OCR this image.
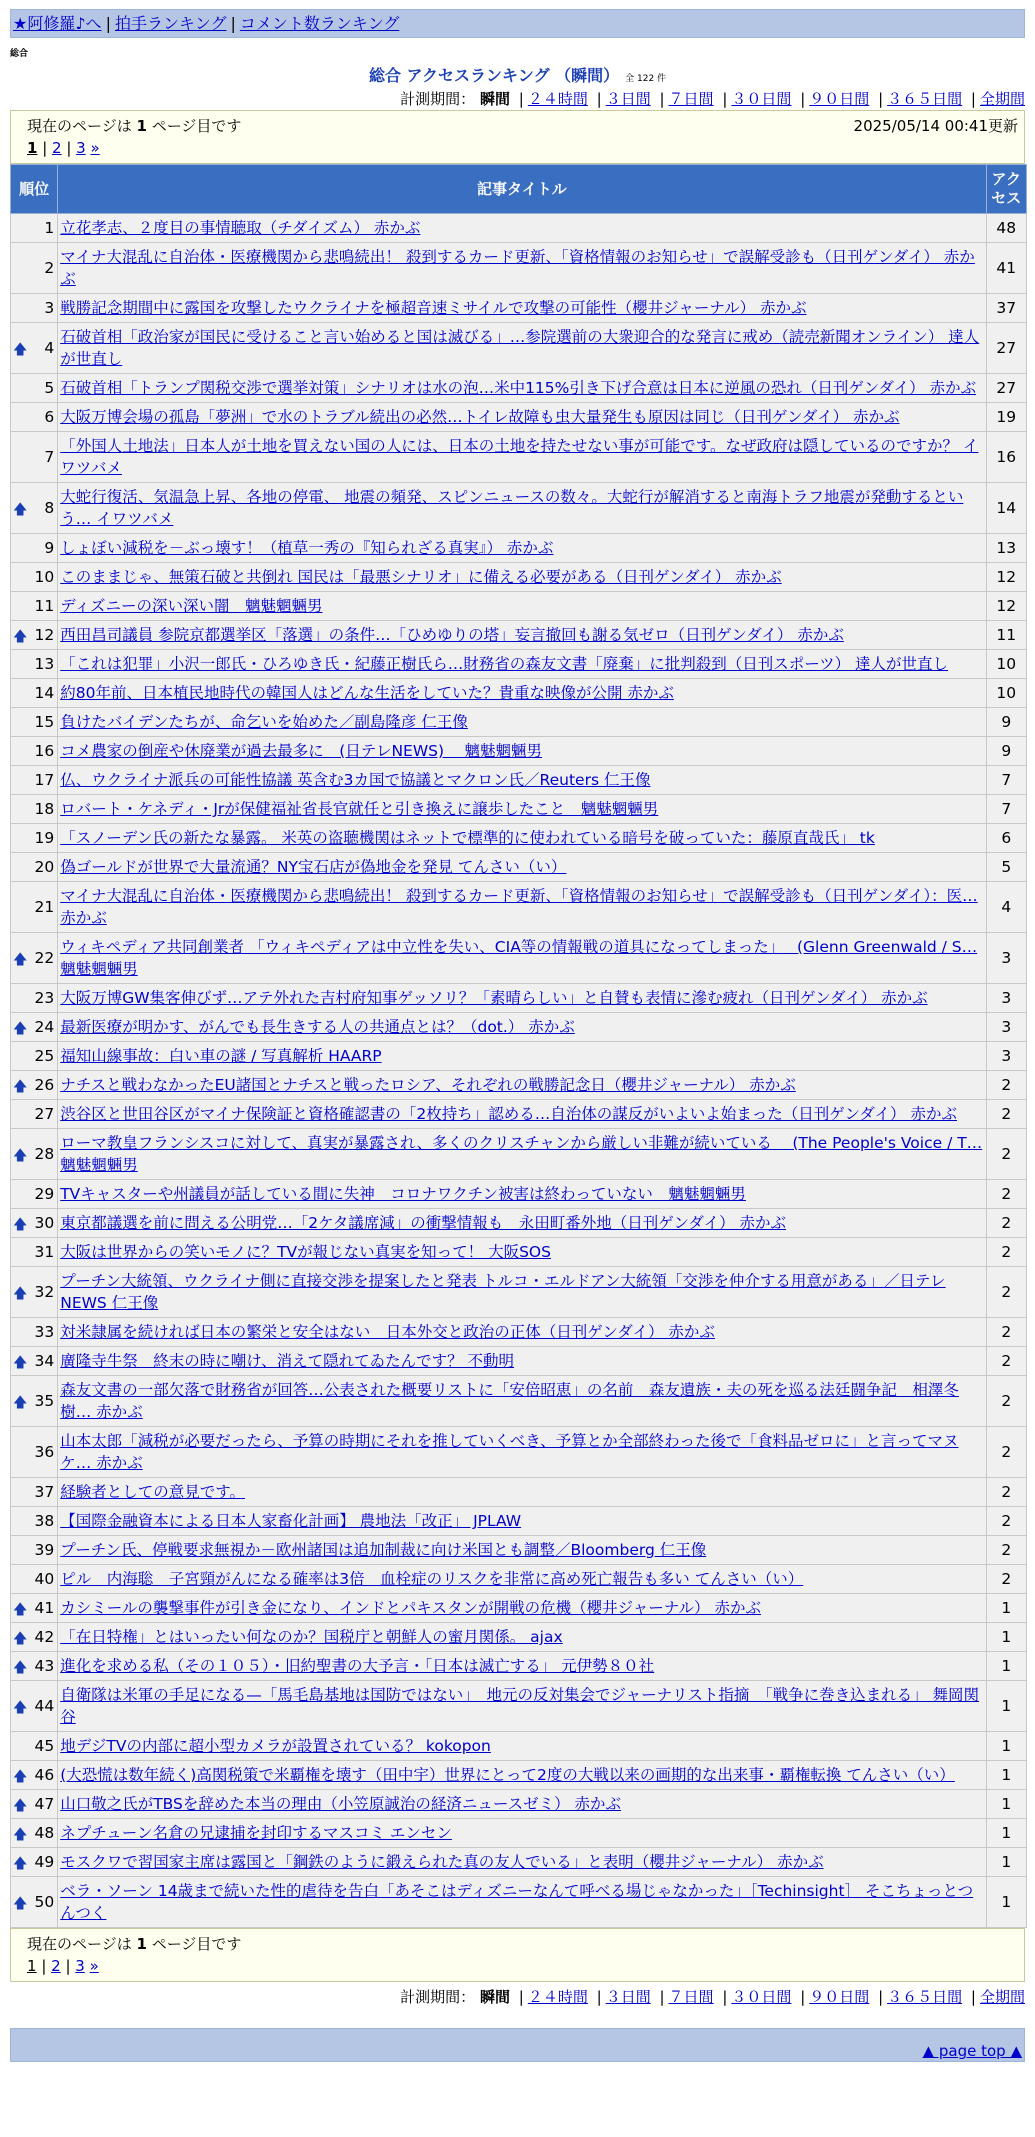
★阿修羅♪へ | 拍手ランキング | コメント数ランキング
総合
総合 アクセスランキング （瞬間） 全 122 件
計測期間： 瞬間 | ２４時間 | ３日間 | ７日間 | ３０日間 | ９０日間 | ３６５日間 | 全期間
現在のページは 1 ページ目です	2025/05/14 00:41更新
1 | 2 | 3 »
順位	記事タイトル	アクセス
1	立花孝志、２度目の事情聴取（チダイズム） 赤かぶ	48
2	マイナ大混乱に自治体・医療機関から悲鳴続出！ 殺到するカード更新、「資格情報のお知らせ」で誤解受診も（日刊ゲンダイ） 赤かぶ	41
3	戦勝記念期間中に露国を攻撃したウクライナを極超音速ミサイルで攻撃の可能性（櫻井ジャーナル） 赤かぶ	37

🡅 4	石破首相「政治家が国民に受けること言い始めると国は滅びる」…参院選前の大衆迎合的な発言に戒め（読売新聞オンライン） 達人が世直し	27
5	石破首相「トランプ関税交渉で選挙対策」シナリオは水の泡…米中115%引き下げ合意は日本に逆風の恐れ（日刊ゲンダイ） 赤かぶ	27
6	大阪万博会場の孤島「夢洲」で水のトラブル続出の必然…トイレ故障も虫大量発生も原因は同じ（日刊ゲンダイ） 赤かぶ	19
7	「外国人土地法」日本人が土地を買えない国の人には、日本の土地を持たせない事が可能です。なぜ政府は隠しているのですか？ イワツバメ	16

🡅 8	大蛇行復活、気温急上昇、各地の停電、 地震の頻発、スピンニュースの数々。大蛇行が解消すると南海トラフ地震が発動するという… イワツバメ	14
9	しょぼい減税を－ぶっ壊す！（植草一秀の『知られざる真実』） 赤かぶ	13
10	このままじゃ、無策石破と共倒れ 国民は「最悪シナリオ」に備える必要がある（日刊ゲンダイ） 赤かぶ	12
11	ディズニーの深い深い闇　魑魅魍魎男	12

🡅 12	西田昌司議員 参院京都選挙区「落選」の条件…「ひめゆりの塔」妄言撤回も謝る気ゼロ（日刊ゲンダイ） 赤かぶ	11
13	「これは犯罪」小沢一郎氏・ひろゆき氏・紀藤正樹氏ら…財務省の森友文書「廃棄」に批判殺到（日刊スポーツ） 達人が世直し	10
14	約80年前、日本植民地時代の韓国人はどんな生活をしていた？貴重な映像が公開 赤かぶ	10
15	負けたバイデンたちが、命乞いを始めた／副島隆彦 仁王像	9
16	コメ農家の倒産や休廃業が過去最多に　(日テレNEWS)　 魑魅魍魎男	9
17	仏、ウクライナ派兵の可能性協議 英含む3カ国で協議とマクロン氏／Reuters 仁王像	7
18	ロバート・ケネディ・Jrが保健福祉省長官就任と引き換えに譲歩したこと　魑魅魍魎男	7
19	「スノーデン氏の新たな暴露。 米英の盗聴機関はネットで標準的に使われている暗号を破っていた：藤原直哉氏」 tk	6
20	偽ゴールドが世界で大量流通？NY宝石店が偽地金を発見 てんさい（い）	5
21	マイナ大混乱に自治体・医療機関から悲鳴続出！ 殺到するカード更新、「資格情報のお知らせ」で誤解受診も（日刊ゲンダイ）：医… 赤かぶ	4

🡅 22	ウィキペディア共同創業者 「ウィキペディアは中立性を失い、CIA等の情報戦の道具になってしまった」　 (Glenn Greenwald / S… 魑魅魍魎男	3
23	大阪万博GW集客伸びず…アテ外れた吉村府知事ゲッソリ？「素晴らしい」と自賛も表情に滲む疲れ（日刊ゲンダイ） 赤かぶ	3

🡅 24	最新医療が明かす、がんでも長生きする人の共通点とは？（dot.） 赤かぶ	3
25	福知山線事故：白い車の謎 / 写真解析 HAARP	3

🡅 26	ナチスと戦わなかったEU諸国とナチスと戦ったロシア、それぞれの戦勝記念日（櫻井ジャーナル） 赤かぶ	2
27	渋谷区と世田谷区がマイナ保険証と資格確認書の「2枚持ち」認める…自治体の謀反がいよいよ始まった（日刊ゲンダイ） 赤かぶ	2

🡅 28	ローマ教皇フランシスコに対して、真実が暴露され、多くのクリスチャンから厳しい非難が続いている　 (The People's Voice / T… 魑魅魍魎男	2
29	TVキャスターや州議員が話している間に失神　コロナワクチン被害は終わっていない　魑魅魍魎男	2

🡅 30	東京都議選を前に問える公明党…「2ケタ議席減」の衝撃情報も　永田町番外地（日刊ゲンダイ） 赤かぶ	2
31	大阪は世界からの笑いモノに？TVが報じない真実を知って！ 大阪SOS	2

🡅 32	プーチン大統領、ウクライナ側に直接交渉を提案したと発表 トルコ・エルドアン大統領「交渉を仲介する用意がある」／日テレNEWS 仁王像	2
33	対米隷属を続ければ日本の繁栄と安全はない　日本外交と政治の正体（日刊ゲンダイ） 赤かぶ	2

🡅 34	廣隆寺牛祭　終末の時に嘲け、消えて隠れてゐたんです？ 不動明	2

🡅 35	森友文書の一部欠落で財務省が回答…公表された概要リストに「安倍昭恵」の名前　森友遺族・夫の死を巡る法廷闘争記　相澤冬樹… 赤かぶ	2
36	山本太郎「減税が必要だったら、予算の時期にそれを推していくべき、予算とか全部終わった後で「食料品ゼロに」と言ってマヌケ… 赤かぶ	2
37	経験者としての意見です。	2
38	【国際金融資本による日本人家畜化計画】 農地法「改正」 JPLAW	2
39	プーチン氏、停戦要求無視か－欧州諸国は追加制裁に向け米国とも調整／Bloomberg 仁王像	2
40	ピル　内海聡　子宮頸がんになる確率は3倍　血栓症のリスクを非常に高め死亡報告も多い てんさい（い）	2

🡅 41	カシミールの襲撃事件が引き金になり、インドとパキスタンが開戦の危機（櫻井ジャーナル） 赤かぶ	1

🡅 42	「在日特権」とはいったい何なのか？国税庁と朝鮮人の蜜月関係。 ajax	1

🡅 43	進化を求める私（その１０５）・旧約聖書の大予言・「日本は滅亡する」 元伊勢８０社	1

🡅 44	自衛隊は米軍の手足になる—「馬毛島基地は国防ではない」　地元の反対集会でジャーナリスト指摘　「戦争に巻き込まれる」 舞岡関谷	1
45	地デジTVの内部に超小型カメラが設置されている？ kokopon	1

🡅 46	(大恐慌は数年続く)高関税策で米覇権を壊す（田中宇）世界にとって2度の大戦以来の画期的な出来事・覇権転換 てんさい（い）	1

🡅 47	山口敬之氏がTBSを辞めた本当の理由（小笠原誠治の経済ニュースゼミ） 赤かぶ	1

🡅 48	ネプチューン名倉の兄逮捕を封印するマスコミ エンセン	1

🡅 49	モスクワで習国家主席は露国と「鋼鉄のように鍛えられた真の友人でいる」と表明（櫻井ジャーナル） 赤かぶ	1

🡅 50	ベラ・ソーン 14歳まで続いた性的虐待を告白「あそこはディズニーなんて呼べる場じゃなかった」［Techinsight］ そこちょっとつんつく	1
現在のページは 1 ページ目です
1 | 2 | 3 »
計測期間： 瞬間 | ２４時間 | ３日間 | ７日間 | ３０日間 | ９０日間 | ３６５日間 | 全期間
▲ page top ▲
